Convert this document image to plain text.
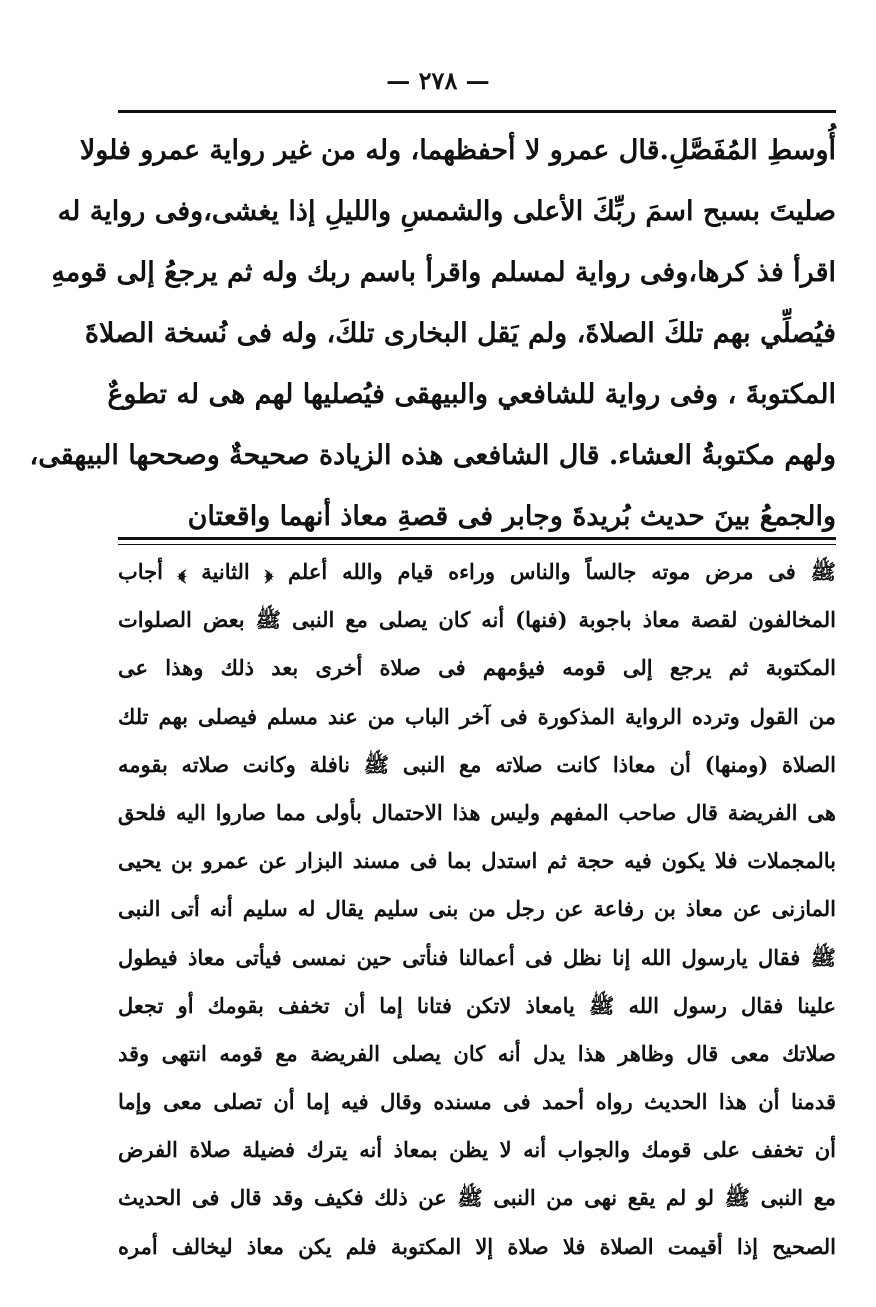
— ٢٧٨ —
أُوسطِ المُفَصَّلِ.قال عمرو لا أحفظهما، وله من غير رواية عمرو فلولا
صليتَ بسبح اسمَ ربِّكَ الأعلى والشمسِ والليلِ إذا يغشى،وفى رواية له
اقرأ فذ كرها،وفى رواية لمسلم واقرأ باسم ربك وله ثم يرجعُ إلى قومهِ
فيُصلِّي بهم تلكَ الصلاةَ، ولم يَقل البخارى تلكَ، وله فى نُسخة الصلاةَ
المكتوبةَ ، وفى رواية للشافعي والبيهقى فيُصليها لهم هى له تطوعٌ
ولهم مكتوبةُ العشاء. قال الشافعى هذه الزيادة صحيحةٌ وصححها البيهقى،
والجمعُ بينَ حديث بُريدةَ وجابر فى قصةِ معاذ أنهما واقعتان
ﷺ فى مرض موته جالساً والناس وراءه قيام والله أعلم ﴿ الثانية ﴾ أجاب
المخالفون لقصة معاذ باجوبة (فنها) أنه كان يصلى مع النبى ﷺ بعض الصلوات
المكتوبة ثم يرجع إلى قومه فيؤمهم فى صلاة أخرى بعد ذلك وهذا عى
من القول وترده الرواية المذكورة فى آخر الباب من عند مسلم فيصلى بهم تلك
الصلاة (ومنها) أن معاذا كانت صلاته مع النبى ﷺ نافلة وكانت صلاته بقومه
هى الفريضة قال صاحب المفهم وليس هذا الاحتمال بأولى مما صاروا اليه فلحق
بالمجملات فلا يكون فيه حجة ثم استدل بما فى مسند البزار عن عمرو بن يحيى
المازنى عن معاذ بن رفاعة عن رجل من بنى سليم يقال له سليم أنه أتى النبى
ﷺ فقال يارسول الله إنا نظل فى أعمالنا فنأتى حين نمسى فيأتى معاذ فيطول
علينا فقال رسول الله ﷺ يامعاذ لاتكن فتانا إما أن تخفف بقومك أو تجعل
صلاتك معى قال وظاهر هذا يدل أنه كان يصلى الفريضة مع قومه انتهى وقد
قدمنا أن هذا الحديث رواه أحمد فى مسنده وقال فيه إما أن تصلى معى وإما
أن تخفف على قومك والجواب أنه لا يظن بمعاذ أنه يترك فضيلة صلاة الفرض
مع النبى ﷺ لو لم يقع نهى من النبى ﷺ عن ذلك فكيف وقد قال فى الحديث
الصحيح إذا أقيمت الصلاة فلا صلاة إلا المكتوبة فلم يكن معاذ ليخالف أمره
